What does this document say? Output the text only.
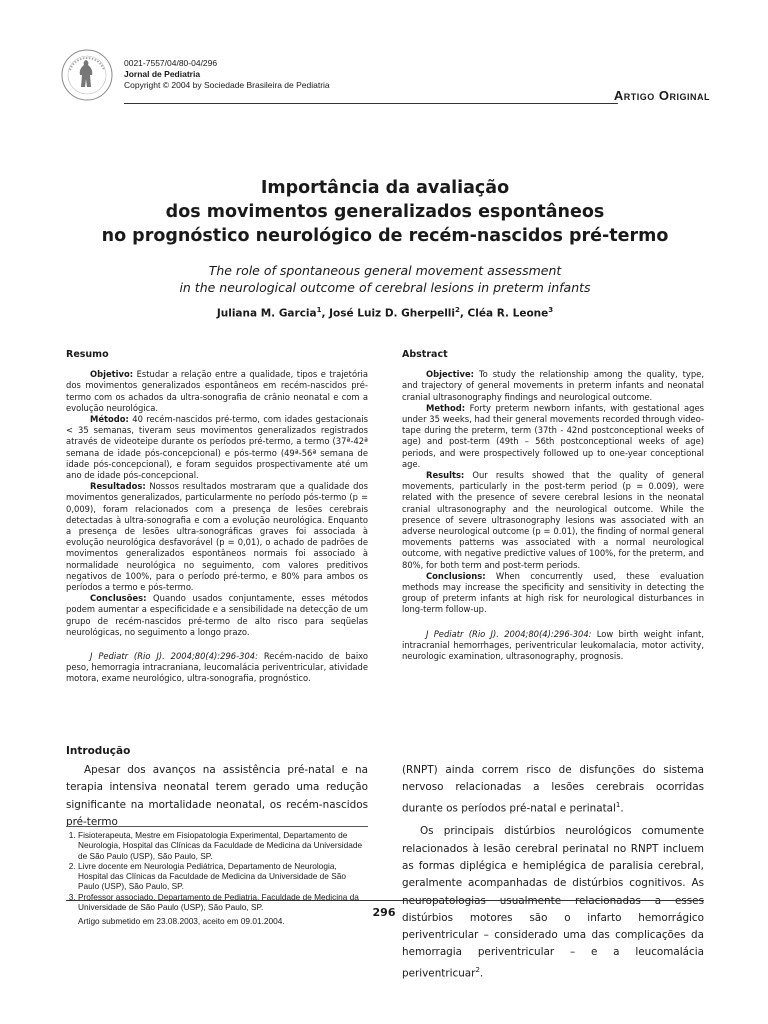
0021-7557/04/80-04/296
Jornal de Pediatria
Copyright © 2004 by Sociedade Brasileira de Pediatria
Artigo Original
Importância da avaliação
dos movimentos generalizados espontâneos
no prognóstico neurológico de recém-nascidos pré-termo
The role of spontaneous general movement assessment
in the neurological outcome of cerebral lesions in preterm infants
Juliana M. Garcia$^1$, José Luiz D. Gherpelli$^2$, Cléa R. Leone$^3$
Resumo

Objetivo: Estudar a relação entre a qualidade, tipos e trajetória dos movimentos generalizados espontâneos em recém-nascidos pré-termo com os achados da ultra-sonografia de crânio neonatal e com a evolução neurológica.

Método: 40 recém-nascidos pré-termo, com idades gestacionais < 35 semanas, tiveram seus movimentos generalizados registrados através de videoteipe durante os períodos pré-termo, a termo (37ª-42ª semana de idade pós-concepcional) e pós-termo (49ª-56ª semana de idade pós-concepcional), e foram seguidos prospectivamente até um ano de idade pós-concepcional.

Resultados: Nossos resultados mostraram que a qualidade dos movimentos generalizados, particularmente no período pós-termo (p = 0,009), foram relacionados com a presença de lesões cerebrais detectadas à ultra-sonografia e com a evolução neurológica. Enquanto a presença de lesões ultra-sonográficas graves foi associada à evolução neurológica desfavorável (p = 0,01), o achado de padrões de movimentos generalizados espontâneos normais foi associado à normalidade neurológica no seguimento, com valores preditivos negativos de 100%, para o período pré-termo, e 80% para ambos os períodos a termo e pós-termo.

Conclusões: Quando usados conjuntamente, esses métodos podem aumentar a especificidade e a sensibilidade na detecção de um grupo de recém-nascidos pré-termo de alto risco para seqüelas neurológicas, no seguimento a longo prazo.

J Pediatr (Rio J). 2004;80(4):296-304: Recém-nacido de baixo peso, hemorragia intracraniana, leucomalácia periventricular, atividade motora, exame neurológico, ultra-sonografia, prognóstico.

Abstract

Objective: To study the relationship among the quality, type, and trajectory of general movements in preterm infants and neonatal cranial ultrasonography findings and neurological outcome.

Method: Forty preterm newborn infants, with gestational ages under 35 weeks, had their general movements recorded through video-tape during the preterm, term (37th - 42nd postconceptional weeks of age) and post-term (49th – 56th postconceptional weeks of age) periods, and were prospectively followed up to one-year conceptional age.

Results: Our results showed that the quality of general movements, particularly in the post-term period (p = 0.009), were related with the presence of severe cerebral lesions in the neonatal cranial ultrasonography and the neurological outcome. While the presence of severe ultrasonography lesions was associated with an adverse neurological outcome (p = 0.01), the finding of normal general movements patterns was associated with a normal neurological outcome, with negative predictive values of 100%, for the preterm, and 80%, for both term and post-term periods.

Conclusions: When concurrently used, these evaluation methods may increase the specificity and sensitivity in detecting the group of preterm infants at high risk for neurological disturbances in long-term follow-up.

J Pediatr (Rio J). 2004;80(4):296-304: Low birth weight infant, intracranial hemorrhages, periventricular leukomalacia, motor activity, neurologic examination, ultrasonography, prognosis.

Introdução

Apesar dos avanços na assistência pré-natal e na terapia intensiva neonatal terem gerado uma redução significante na mortalidade neonatal, os recém-nascidos pré-termo

(RNPT) ainda correm risco de disfunções do sistema nervoso relacionadas a lesões cerebrais ocorridas durante os períodos pré-natal e perinatal$^1$.

Os principais distúrbios neurológicos comumente relacionados à lesão cerebral perinatal no RNPT incluem as formas diplégica e hemiplégica de paralisia cerebral, geralmente acompanhadas de distúrbios cognitivos. As neuropatologias usualmente relacionadas a esses distúrbios motores são o infarto hemorrágico periventricular – considerado uma das complicações da hemorragia periventricular – e a leucomalácia periventricuar$^2$.

1. Fisioterapeuta, Mestre em Fisiopatologia Experimental, Departamento de Neurologia, Hospital das Clínicas da Faculdade de Medicina da Universidade de São Paulo (USP), São Paulo, SP.
2. Livre docente em Neurologia Pediátrica, Departamento de Neurologia, Hospital das Clínicas da Faculdade de Medicina da Universidade de São Paulo (USP), São Paulo, SP.
3. Professor associado, Departamento de Pediatria, Faculdade de Medicina da Universidade de São Paulo (USP), São Paulo, SP.
Artigo submetido em 23.08.2003, aceito em 09.01.2004.
296
